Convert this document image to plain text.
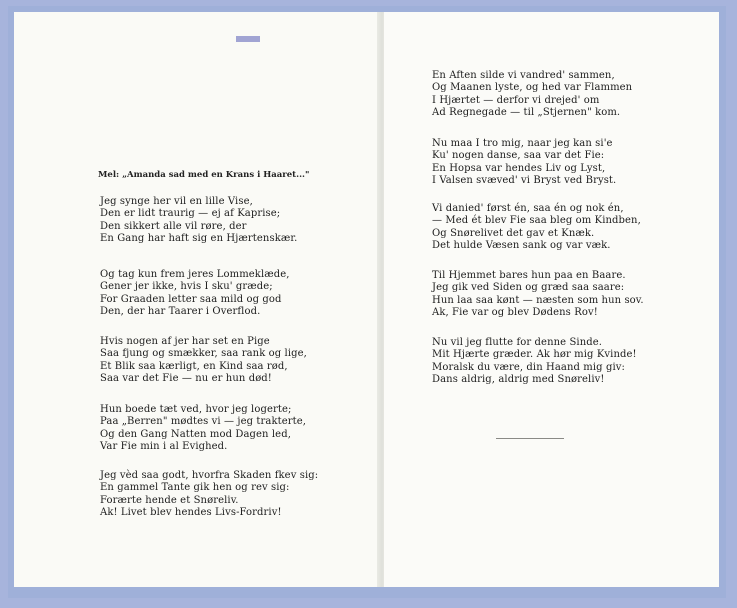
Mel: „Amanda sad med en Krans i Haaret..."
Jeg synge her vil en lille Vise,
Den er lidt traurig — ej af Kaprise;
Den sikkert alle vil røre, der
En Gang har haft sig en Hjærtenskær.
Og tag kun frem jeres Lommeklæde,
Gener jer ikke, hvis I sku' græde;
For Graaden letter saa mild og god
Den, der har Taarer i Overflod.
Hvis nogen af jer har set en Pige
Saa fjung og smækker, saa rank og lige,
Et Blik saa kærligt, en Kind saa rød,
Saa var det Fie — nu er hun død!
Hun boede tæt ved, hvor jeg logerte;
Paa „Berren" mødtes vi — jeg trakterte,
Og den Gang Natten mod Dagen led,
Var Fie min i al Evighed.
Jeg vèd saa godt, hvorfra Skaden fkev sig:
En gammel Tante gik hen og rev sig:
Forærte hende et Snøreliv.
Ak! Livet blev hendes Livs-Fordriv!
En Aften silde vi vandred' sammen,
Og Maanen lyste, og hed var Flammen
I Hjærtet — derfor vi drejed' om
Ad Regnegade — til „Stjernen" kom.
Nu maa I tro mig, naar jeg kan si'e
Ku' nogen danse, saa var det Fie:
En Hopsa var hendes Liv og Lyst,
I Valsen svæved' vi Bryst ved Bryst.
Vi danied' først én, saa én og nok én,
— Med ét blev Fie saa bleg om Kindben,
Og Snørelivet det gav et Knæk.
Det hulde Væsen sank og var væk.
Til Hjemmet bares hun paa en Baare.
Jeg gik ved Siden og græd saa saare:
Hun laa saa kønt — næsten som hun sov.
Ak, Fie var og blev Dødens Rov!
Nu vil jeg flutte for denne Sinde.
Mit Hjærte græder. Ak hør mig Kvinde!
Moralsk du være, din Haand mig giv:
Dans aldrig, aldrig med Snøreliv!
